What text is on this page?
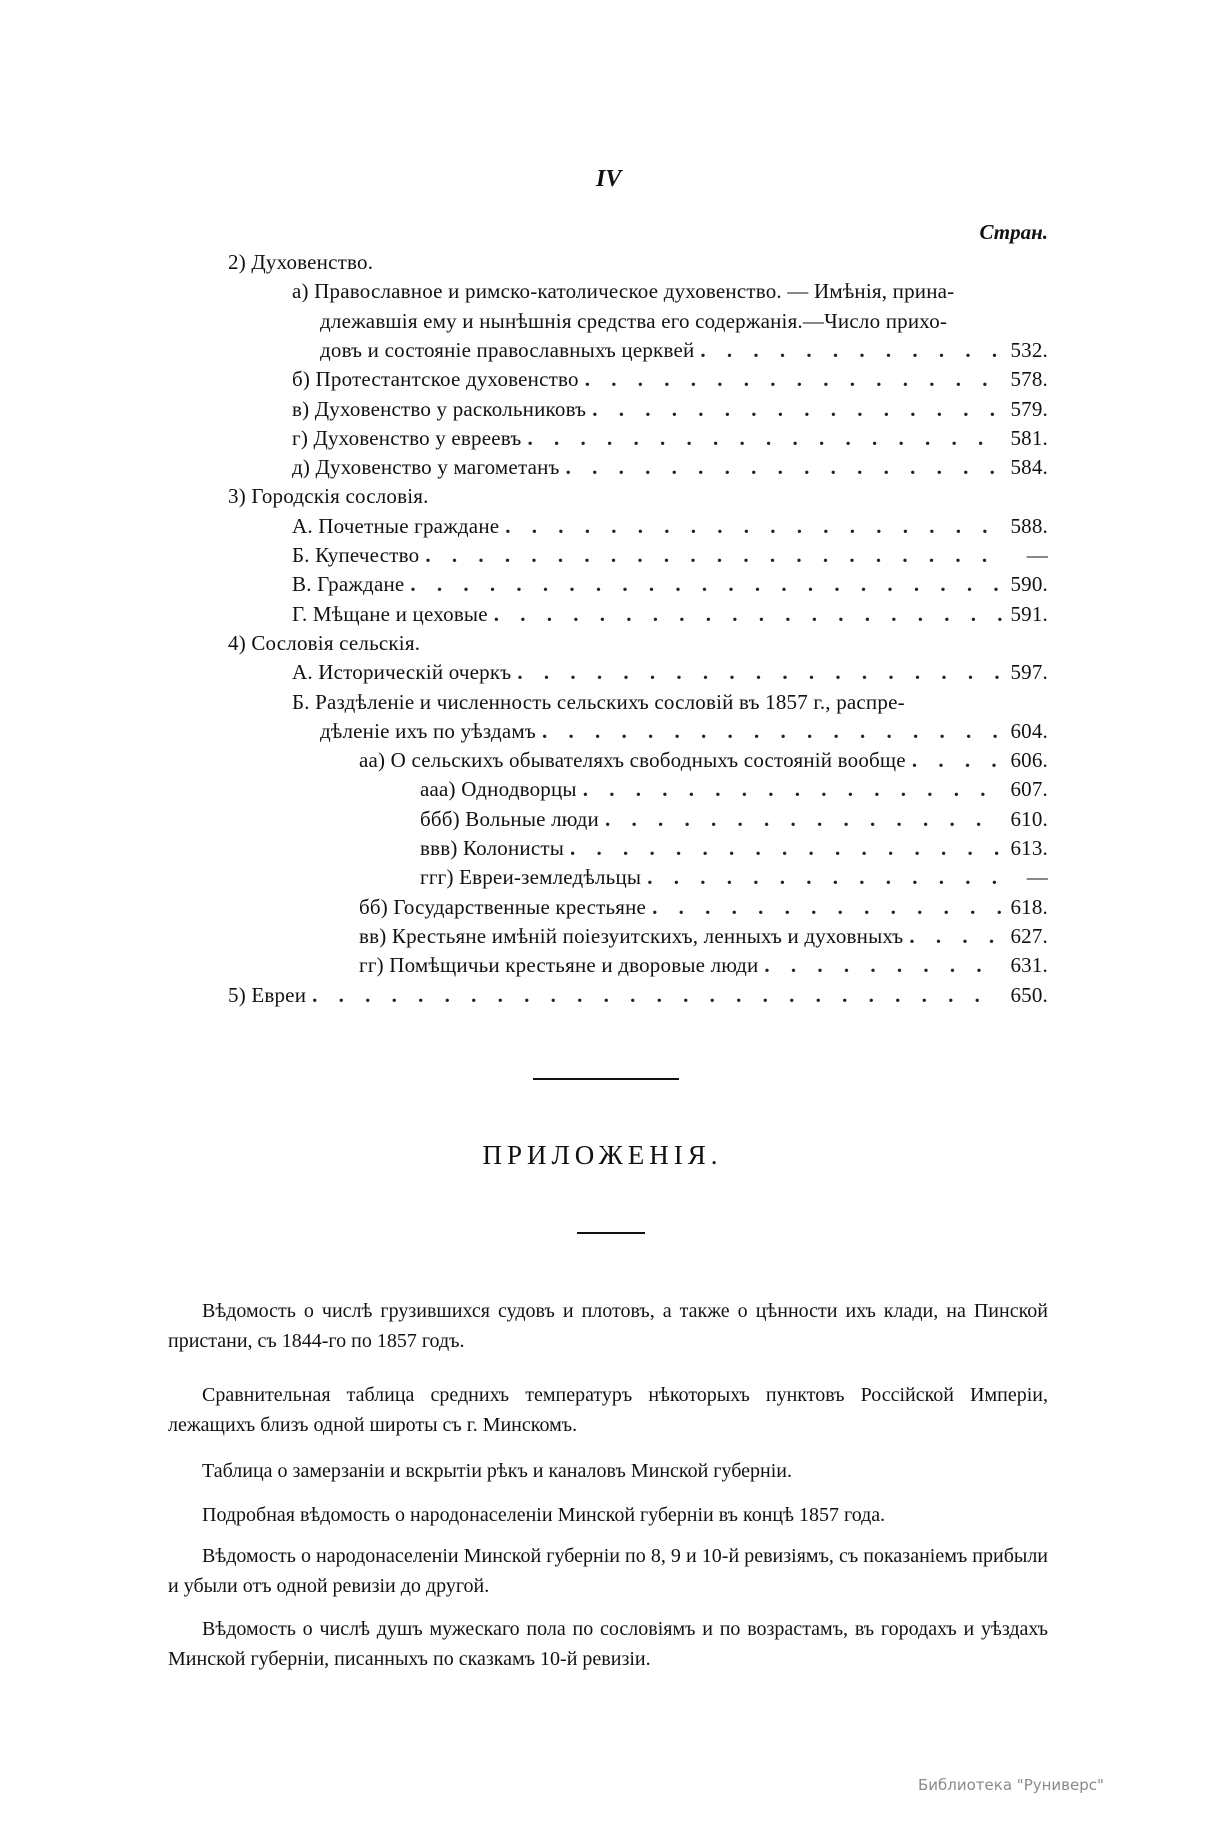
IV
Стран.
2) Духовенство.
а) Православное и римско-католическое духовенство. — Имѣнія, прина-
длежавшія ему и нынѣшнія средства его содержанія.—Число прихо-
довъ и состояніе православныхъ церквей . . .	532.
б) Протестантское духовенство . . .	578.
в) Духовенство у раскольниковъ . . .	579.
г) Духовенство у евреевъ . . .	581.
д) Духовенство у магометанъ . . .	584.
3) Городскія сословія.
А. Почетные граждане . . .	588.
Б. Купечество . . .	—
В. Граждане . . .	590.
Г. Мѣщане и цеховые . . .	591.
4) Сословія сельскія.
А. Историческій очеркъ . . .	597.
Б. Раздѣленіе и численность сельскихъ сословій въ 1857 г., распре-
дѣленіе ихъ по уѣздамъ . . .	604.
аа) О сельскихъ обывателяхъ свободныхъ состояній вообще . . .	606.
ааа) Однодворцы . . .	607.
ббб) Вольные люди . . .	610.
ввв) Колонисты . . .	613.
ггг) Евреи-земледѣльцы . . .	—
бб) Государственные крестьяне . . .	618.
вв) Крестьяне имѣній поіезуитскихъ, ленныхъ и духовныхъ . . .	627.
гг) Помѣщичьи крестьяне и дворовые люди . . .	631.
5) Евреи . . .	650.
ПРИЛОЖЕНІЯ.
Вѣдомость о числѣ грузившихся судовъ и плотовъ, а также о цѣнности ихъ клади, на Пинской пристани, съ 1844-го по 1857 годъ.
Сравнительная таблица среднихъ температуръ нѣкоторыхъ пунктовъ Россійской Имперіи, лежащихъ близъ одной широты съ г. Минскомъ.
Таблица о замерзаніи и вскрытіи рѣкъ и каналовъ Минской губерніи.
Подробная вѣдомость о народонаселеніи Минской губерніи въ концѣ 1857 года.
Вѣдомость о народонаселеніи Минской губерніи по 8, 9 и 10-й ревизіямъ, съ показаніемъ прибыли и убыли отъ одной ревизіи до другой.
Вѣдомость о числѣ душъ мужескаго пола по сословіямъ и по возрастамъ, въ городахъ и уѣздахъ Минской губерніи, писанныхъ по сказкамъ 10-й ревизіи.
Библиотека "Руниверс"
